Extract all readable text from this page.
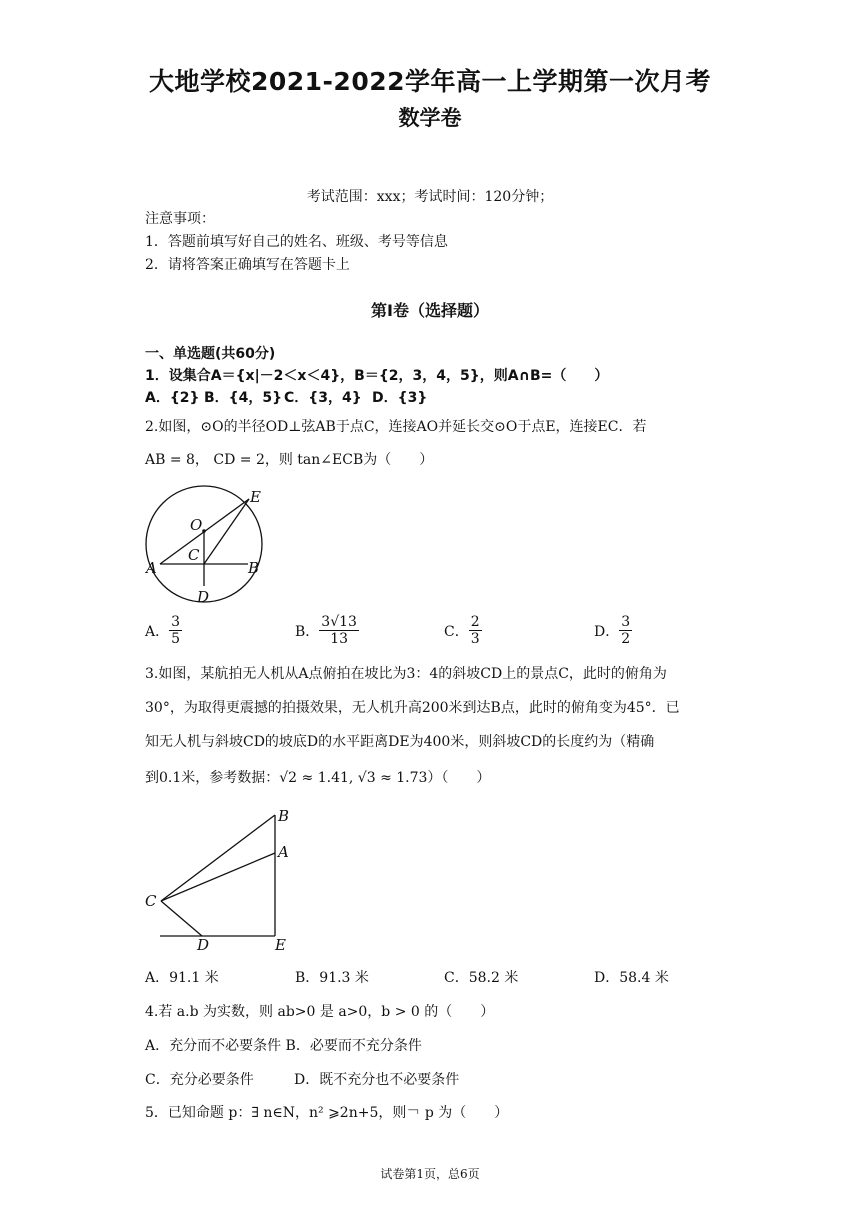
大地学校2021-2022学年高一上学期第一次月考
数学卷
考试范围：xxx；考试时间：120分钟；
注意事项：
1．答题前填写好自己的姓名、班级、考号等信息
2．请将答案正确填写在答题卡上
第I卷（选择题）
一、单选题(共60分)
1．设集合A＝{x|－2＜x＜4}，B＝{2，3，4，5}，则A∩B=（　　）
A．{2} B．{4，5} C．{3，4} D．{3}
2.如图，⊙O的半径OD⊥弦AB于点C，连接AO并延长交⊙O于点E，连接EC．若
AB = 8， CD = 2，则 tan∠ECB为（　　）
E
O
C
A	B
D
A． $\frac{3}{5}$	B． $\frac{3√13}{13}$	C． $\frac{2}{3}$	D． $\frac{3}{2}$
3.如图，某航拍无人机从A点俯拍在坡比为3：4的斜坡CD上的景点C，此时的俯角为
30°，为取得更震撼的拍摄效果，无人机升高200米到达B点，此时的俯角变为45°．已
知无人机与斜坡CD的坡底D的水平距离DE为400米，则斜坡CD的长度约为（精确
到0.1米，参考数据：√2 ≈ 1.41, √3 ≈ 1.73）（　　）
B
A
C
D	E
A．91.1 米	B．91.3 米	C．58.2 米	D．58.4 米
4.若 a.b 为实数，则 ab>0 是 a>0，b > 0 的（　　）
A．充分而不必要条件 B．必要而不充分条件
C．充分必要条件	D．既不充分也不必要条件
5．已知命题 p：∃ n∈N，n² ⩾2n+5，则￢ p 为（　　）
试卷第1页，总6页
